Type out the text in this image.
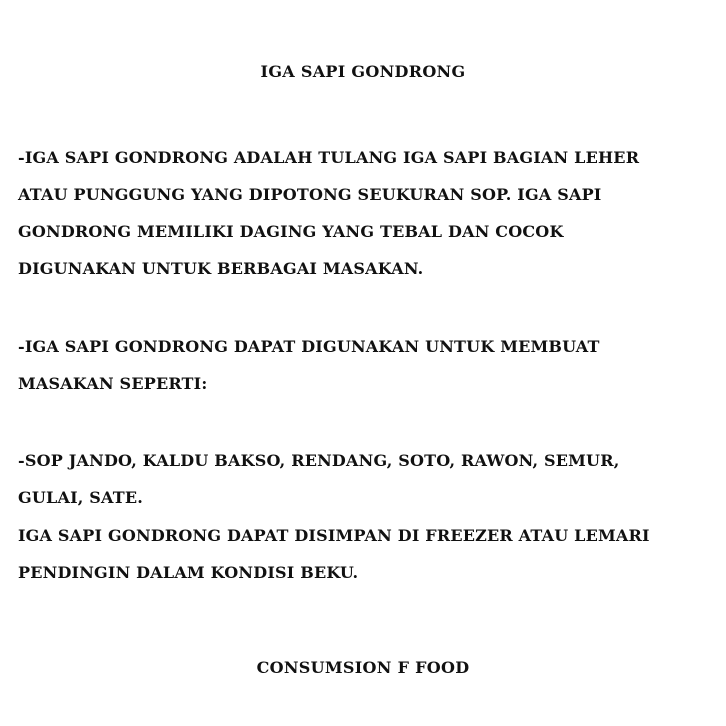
IGA SAPI GONDRONG

-IGA SAPI GONDRONG ADALAH TULANG IGA SAPI BAGIAN LEHER
ATAU PUNGGUNG YANG DIPOTONG SEUKURAN SOP. IGA SAPI
GONDRONG MEMILIKI DAGING YANG TEBAL DAN COCOK
DIGUNAKAN UNTUK BERBAGAI MASAKAN.

-IGA SAPI GONDRONG DAPAT DIGUNAKAN UNTUK MEMBUAT
MASAKAN SEPERTI:

-SOP JANDO, KALDU BAKSO, RENDANG, SOTO, RAWON, SEMUR,
GULAI, SATE.

IGA SAPI GONDRONG DAPAT DISIMPAN DI FREEZER ATAU LEMARI
PENDINGIN DALAM KONDISI BEKU.

CONSUMSION F FOOD
